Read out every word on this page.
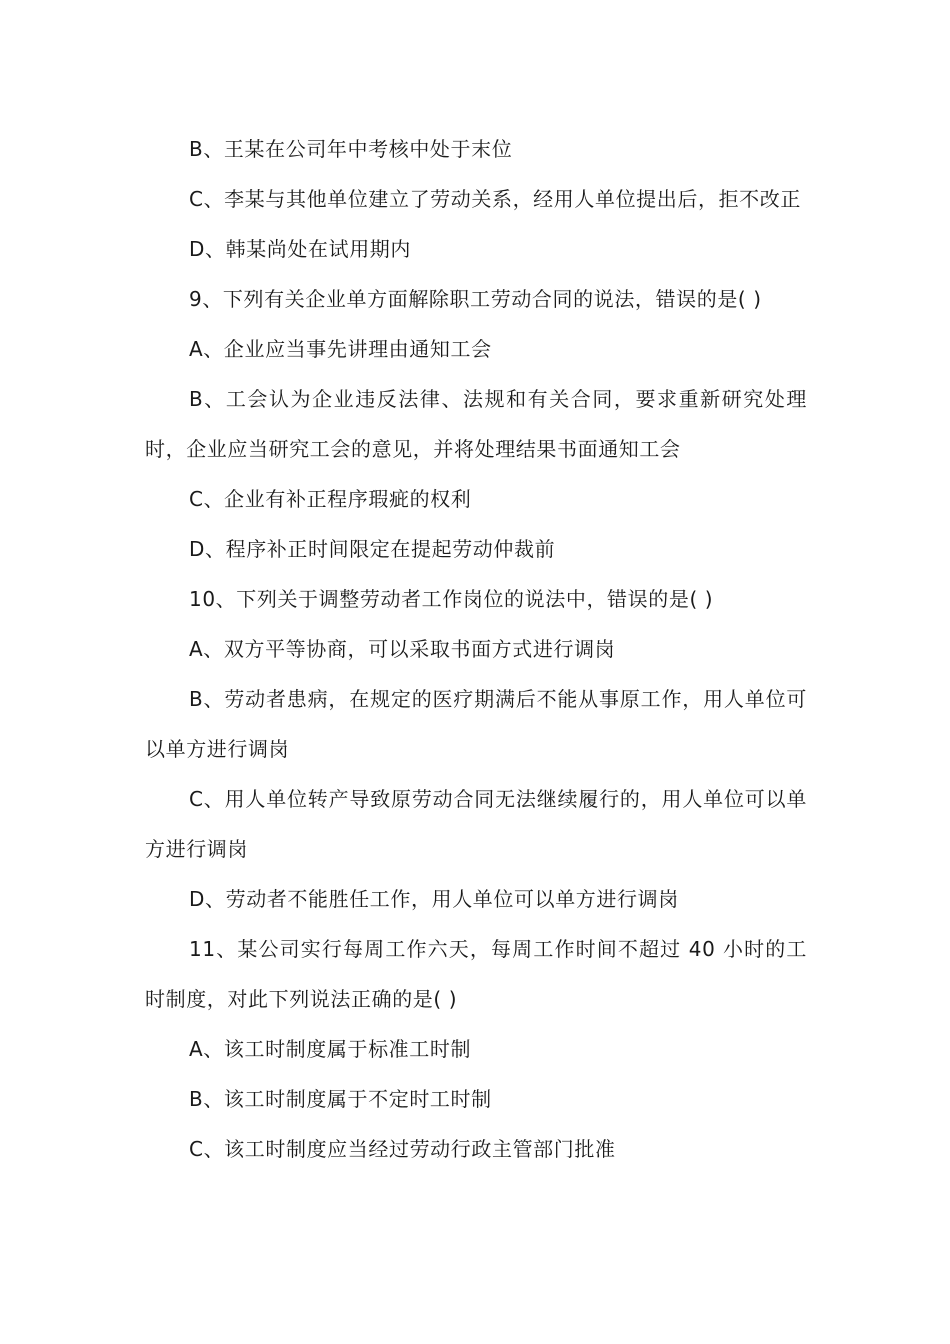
B、王某在公司年中考核中处于末位

C、李某与其他单位建立了劳动关系，经用人单位提出后，拒不改正

D、韩某尚处在试用期内

9、下列有关企业单方面解除职工劳动合同的说法，错误的是( )

A、企业应当事先讲理由通知工会

B、工会认为企业违反法律、法规和有关合同，要求重新研究处理时，企业应当研究工会的意见，并将处理结果书面通知工会

C、企业有补正程序瑕疵的权利

D、程序补正时间限定在提起劳动仲裁前

10、下列关于调整劳动者工作岗位的说法中，错误的是( )

A、双方平等协商，可以采取书面方式进行调岗

B、劳动者患病，在规定的医疗期满后不能从事原工作，用人单位可以单方进行调岗

C、用人单位转产导致原劳动合同无法继续履行的，用人单位可以单方进行调岗

D、劳动者不能胜任工作，用人单位可以单方进行调岗

11、某公司实行每周工作六天，每周工作时间不超过 40 小时的工时制度，对此下列说法正确的是( )

A、该工时制度属于标准工时制

B、该工时制度属于不定时工时制

C、该工时制度应当经过劳动行政主管部门批准
